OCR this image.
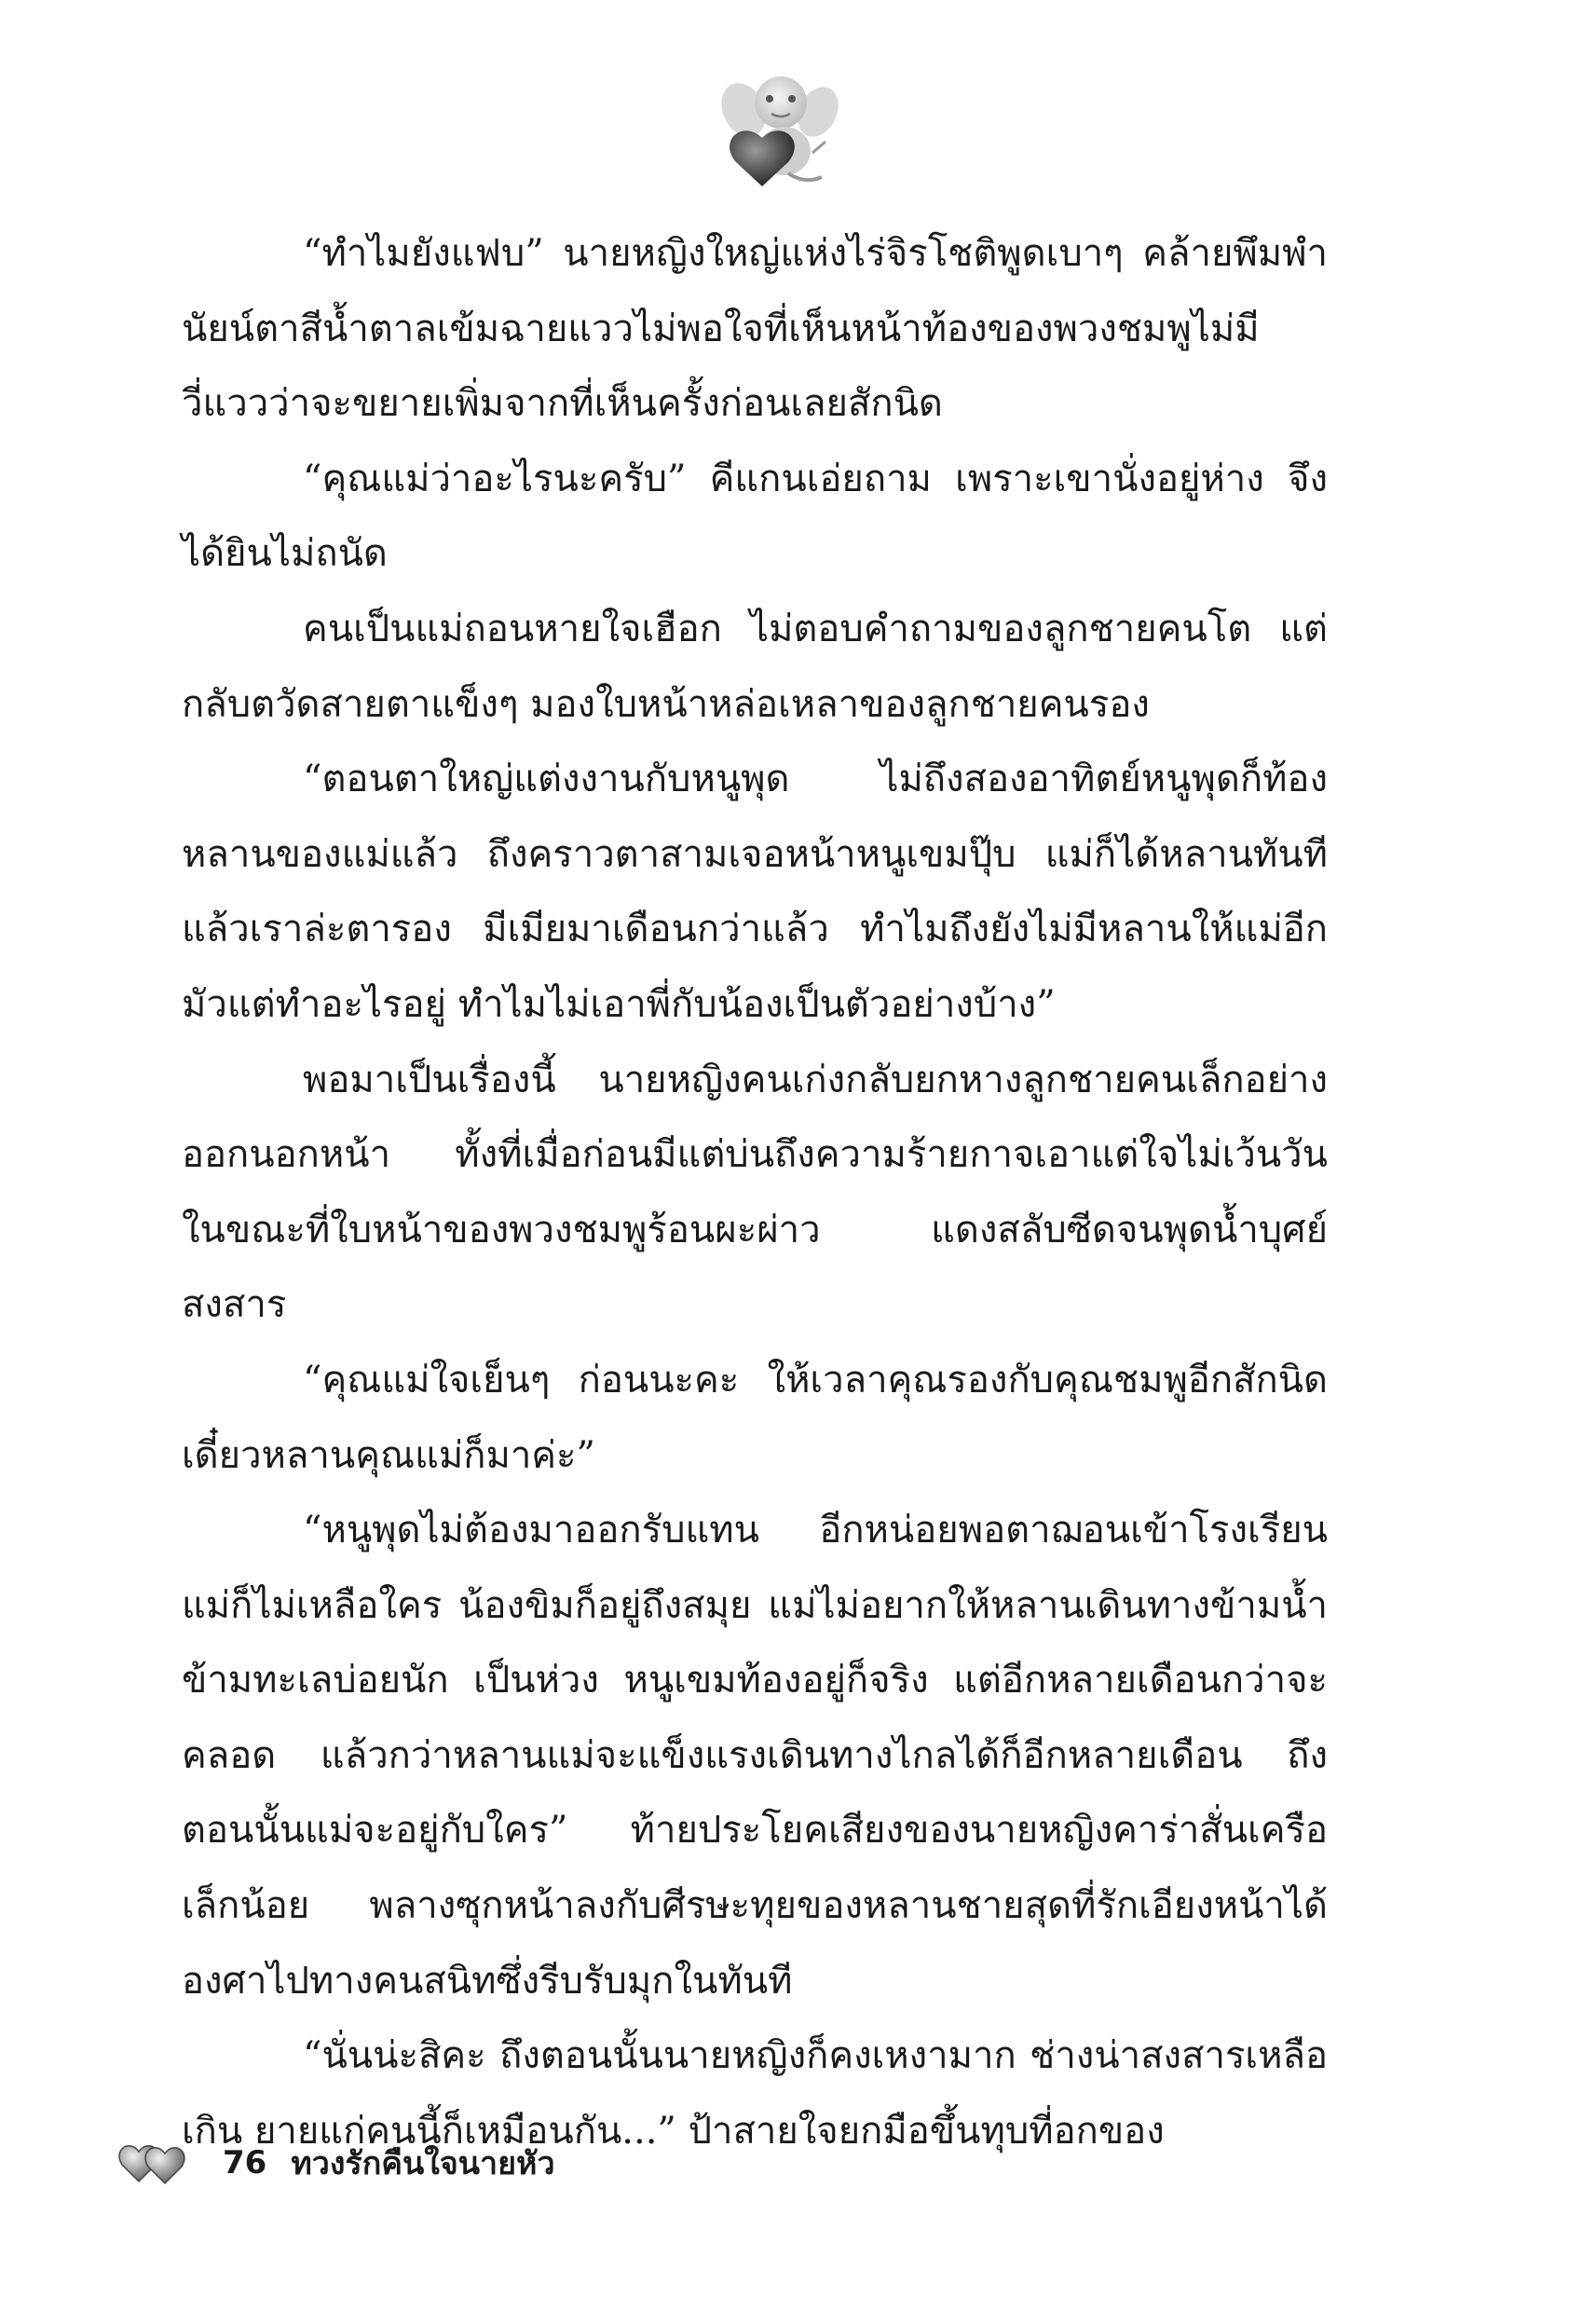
“ทำไมยังแฟบ” นายหญิงใหญ่แห่งไร่จิรโชติพูดเบาๆ คล้ายพึมพำ นัยน์ตาสีน้ำตาลเข้มฉายแววไม่พอใจที่เห็นหน้าท้องของพวงชมพูไม่มีวี่แววว่าจะขยายเพิ่มจากที่เห็นครั้งก่อนเลยสักนิด

“คุณแม่ว่าอะไรนะครับ” คีแกนเอ่ยถาม เพราะเขานั่งอยู่ห่าง จึงได้ยินไม่ถนัด

คนเป็นแม่ถอนหายใจเฮือก ไม่ตอบคำถามของลูกชายคนโต แต่กลับตวัดสายตาแข็งๆ มองใบหน้าหล่อเหลาของลูกชายคนรอง

“ตอนตาใหญ่แต่งงานกับหนูพุด ไม่ถึงสองอาทิตย์หนูพุดก็ท้องหลานของแม่แล้ว ถึงคราวตาสามเจอหน้าหนูเขมปุ๊บ แม่ก็ได้หลานทันที แล้วเราล่ะตารอง มีเมียมาเดือนกว่าแล้ว ทำไมถึงยังไม่มีหลานให้แม่อีก มัวแต่ทำอะไรอยู่ ทำไมไม่เอาพี่กับน้องเป็นตัวอย่างบ้าง”

พอมาเป็นเรื่องนี้ นายหญิงคนเก่งกลับยกหางลูกชายคนเล็กอย่างออกนอกหน้า ทั้งที่เมื่อก่อนมีแต่บ่นถึงความร้ายกาจเอาแต่ใจไม่เว้นวัน ในขณะที่ใบหน้าของพวงชมพูร้อนผะผ่าว แดงสลับซีดจนพุดน้ำบุศย์สงสาร

“คุณแม่ใจเย็นๆ ก่อนนะคะ ให้เวลาคุณรองกับคุณชมพูอีกสักนิด เดี๋ยวหลานคุณแม่ก็มาค่ะ”

“หนูพุดไม่ต้องมาออกรับแทน อีกหน่อยพอตาฌอนเข้าโรงเรียน แม่ก็ไม่เหลือใคร น้องขิมก็อยู่ถึงสมุย แม่ไม่อยากให้หลานเดินทางข้ามน้ำข้ามทะเลบ่อยนัก เป็นห่วง หนูเขมท้องอยู่ก็จริง แต่อีกหลายเดือนกว่าจะคลอด แล้วกว่าหลานแม่จะแข็งแรงเดินทางไกลได้ก็อีกหลายเดือน ถึงตอนนั้นแม่จะอยู่กับใคร” ท้ายประโยคเสียงของนายหญิงคาร่าสั่นเครือเล็กน้อย พลางซุกหน้าลงกับศีรษะทุยของหลานชายสุดที่รักเอียงหน้าได้องศาไปทางคนสนิทซึ่งรีบรับมุกในทันที

“นั่นน่ะสิคะ ถึงตอนนั้นนายหญิงก็คงเหงามาก ช่างน่าสงสารเหลือเกิน ยายแก่คนนี้ก็เหมือนกัน...” ป้าสายใจยกมือขึ้นทุบที่อกของ

76 ทวงรักคืนใจนายหัว
